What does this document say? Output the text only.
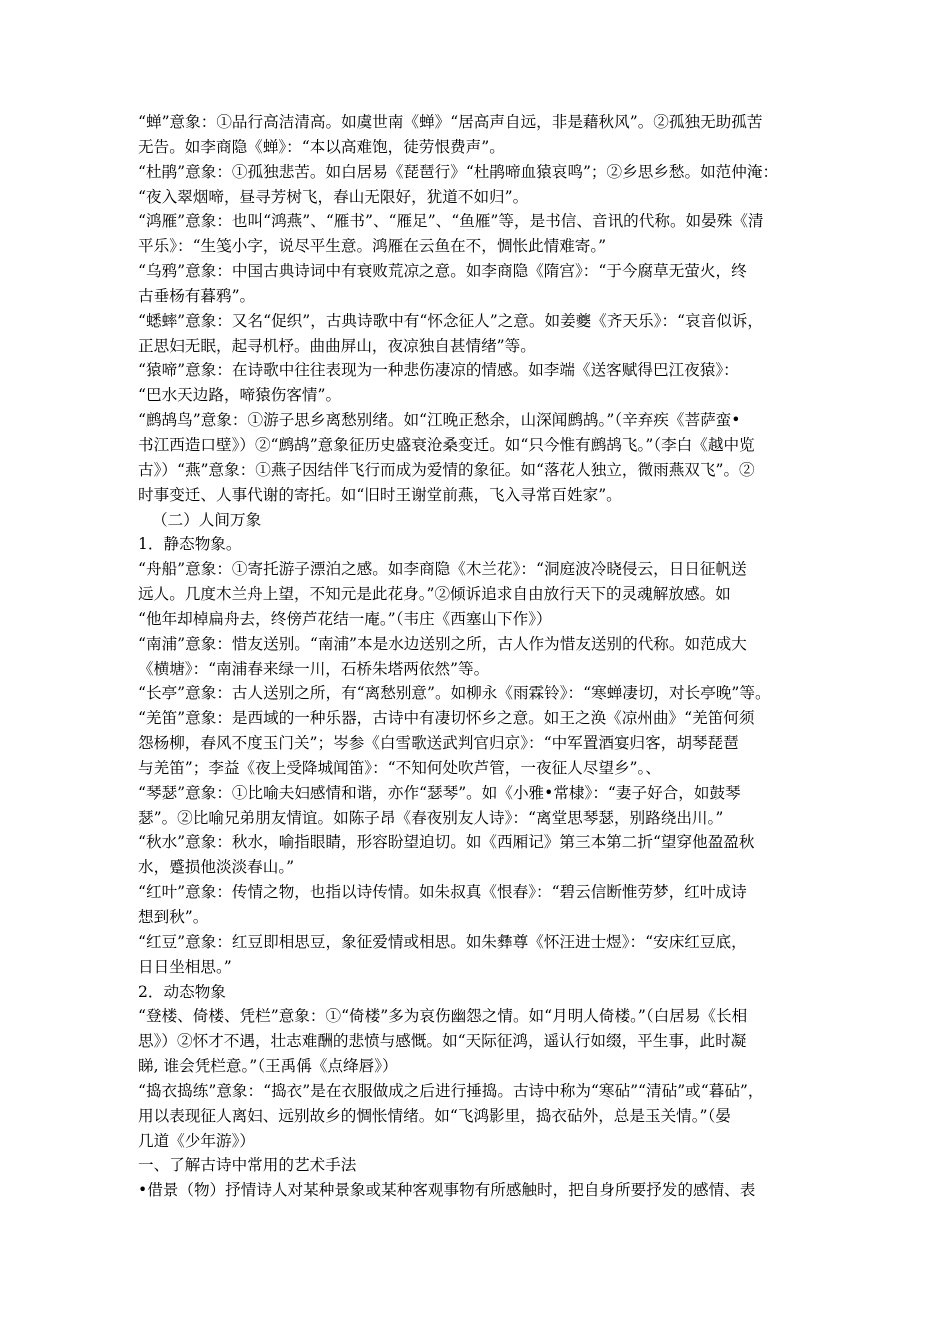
“蝉”意象：①品行高洁清高。如虞世南《蝉》“居高声自远，非是藉秋风”。②孤独无助孤苦
无告。如李商隐《蝉》：“本以高难饱，徒劳恨费声”。
“杜鹃”意象：①孤独悲苦。如白居易《琵琶行》“杜鹃啼血猿哀鸣”；②乡思乡愁。如范仲淹：
“夜入翠烟啼，昼寻芳树飞，春山无限好，犹道不如归”。
“鸿雁”意象：也叫“鸿燕”、“雁书”、“雁足”、“鱼雁”等，是书信、音讯的代称。如晏殊《清
平乐》：“生笺小字，说尽平生意。鸿雁在云鱼在不，惆怅此情难寄。”
“乌鸦”意象：中国古典诗词中有衰败荒凉之意。如李商隐《隋宫》：“于今腐草无萤火，终
古垂杨有暮鸦”。
“蟋蟀”意象：又名“促织”，古典诗歌中有“怀念征人”之意。如姜夔《齐天乐》：“哀音似诉，
正思妇无眠，起寻机杼。曲曲屏山，夜凉独自甚情绪”等。
“猿啼”意象：在诗歌中往往表现为一种悲伤凄凉的情感。如李端《送客赋得巴江夜猿》：
“巴水天边路，啼猿伤客情”。
“鹧鸪鸟”意象：①游子思乡离愁别绪。如“江晚正愁余，山深闻鹧鸪。”（辛弃疾《菩萨蛮•
书江西造口壁》）②“鹧鸪”意象征历史盛衰沧桑变迁。如“只今惟有鹧鸪飞。”（李白《越中览
古》）“燕”意象：①燕子因结伴飞行而成为爱情的象征。如“落花人独立，微雨燕双飞”。②
时事变迁、人事代谢的寄托。如“旧时王谢堂前燕，飞入寻常百姓家”。
（二）人间万象
1．静态物象。
“舟船”意象：①寄托游子漂泊之感。如李商隐《木兰花》：“洞庭波冷晓侵云，日日征帆送
远人。几度木兰舟上望，不知元是此花身。”②倾诉追求自由放行天下的灵魂解放感。如
“他年却棹扁舟去，终傍芦花结一庵。”（韦庄《西塞山下作》）
“南浦”意象：惜友送别。“南浦”本是水边送别之所，古人作为惜友送别的代称。如范成大
《横塘》：“南浦春来绿一川，石桥朱塔两依然”等。
“长亭”意象：古人送别之所，有“离愁别意”。如柳永《雨霖铃》：“寒蝉凄切，对长亭晚”等。
“羌笛”意象：是西域的一种乐器，古诗中有凄切怀乡之意。如王之涣《凉州曲》“羌笛何须
怨杨柳，春风不度玉门关”；岑参《白雪歌送武判官归京》：“中军置酒宴归客，胡琴琵琶
与羌笛”；李益《夜上受降城闻笛》：“不知何处吹芦管，一夜征人尽望乡”。、
“琴瑟”意象：①比喻夫妇感情和谐，亦作“瑟琴”。如《小雅•常棣》：“妻子好合，如鼓琴
瑟”。②比喻兄弟朋友情谊。如陈子昂《春夜别友人诗》：“离堂思琴瑟，别路绕出川。”
“秋水”意象：秋水，喻指眼睛，形容盼望迫切。如《西厢记》第三本第二折“望穿他盈盈秋
水，蹙损他淡淡春山。”
“红叶”意象：传情之物，也指以诗传情。如朱叔真《恨春》：“碧云信断惟劳梦，红叶成诗
想到秋”。
“红豆”意象：红豆即相思豆，象征爱情或相思。如朱彝尊《怀汪进士煜》：“安床红豆底，
日日坐相思。”
2．动态物象
“登楼、倚楼、凭栏”意象：①“倚楼”多为哀伤幽怨之情。如“月明人倚楼。”（白居易《长相
思》）②怀才不遇，壮志难酬的悲愤与感慨。如“天际征鸿，遥认行如缀，平生事，此时凝
睇, 谁会凭栏意。”（王禹偁《点绛唇》）
“捣衣捣练”意象：“捣衣”是在衣服做成之后进行捶捣。古诗中称为“寒砧”“清砧”或“暮砧”，
用以表现征人离妇、远别故乡的惆怅情绪。如“飞鸿影里，捣衣砧外，总是玉关情。”（晏
几道《少年游》）
一、了解古诗中常用的艺术手法
•借景（物）抒情诗人对某种景象或某种客观事物有所感触时，把自身所要抒发的感情、表
